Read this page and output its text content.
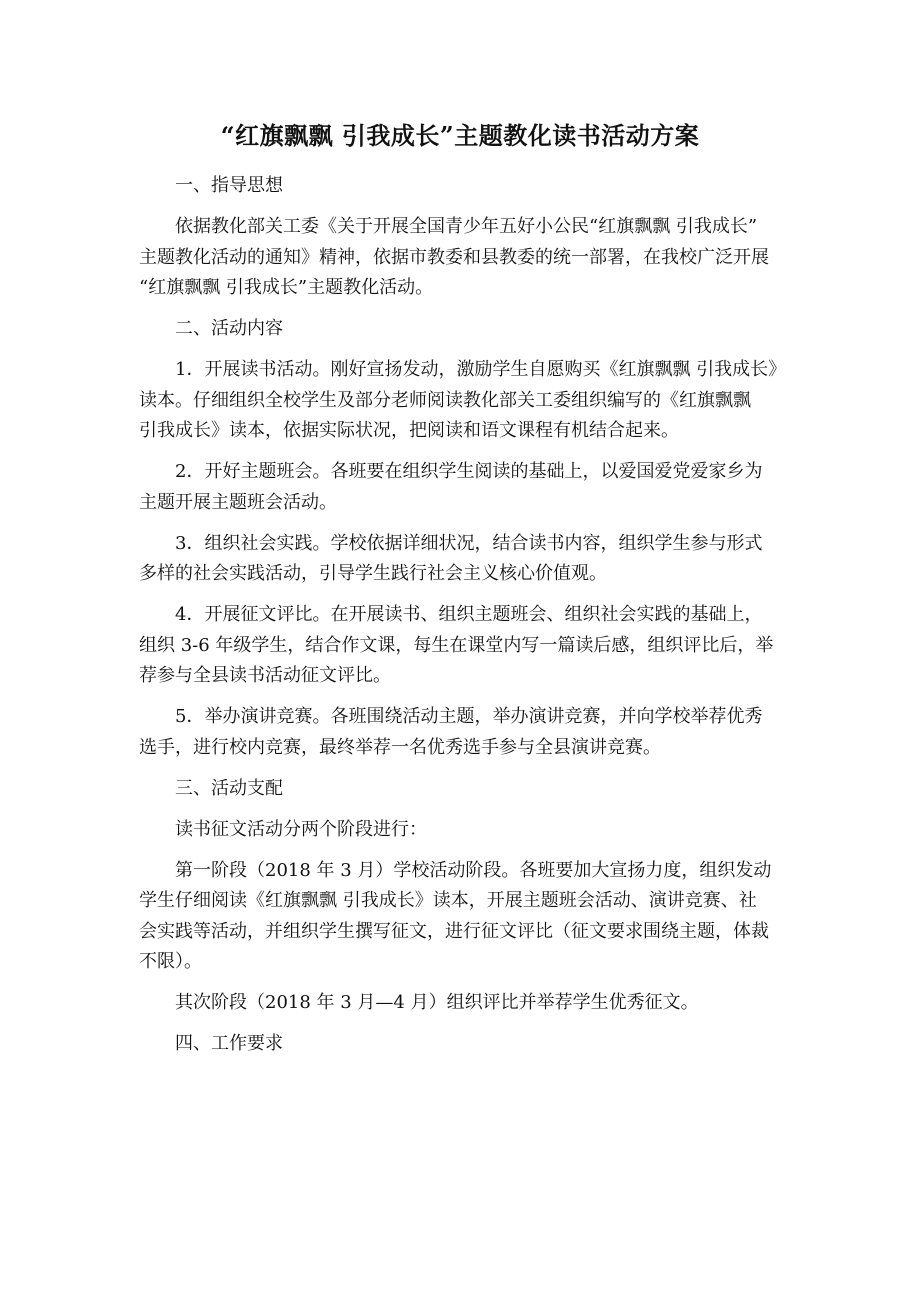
“红旗飘飘 引我成长”主题教化读书活动方案
一、指导思想
依据教化部关工委《关于开展全国青少年五好小公民“红旗飘飘 引我成长”
主题教化活动的通知》精神，依据市教委和县教委的统一部署，在我校广泛开展
“红旗飘飘 引我成长”主题教化活动。
二、活动内容
1．开展读书活动。刚好宣扬发动，激励学生自愿购买《红旗飘飘 引我成长》
读本。仔细组织全校学生及部分老师阅读教化部关工委组织编写的《红旗飘飘
引我成长》读本，依据实际状况，把阅读和语文课程有机结合起来。
2．开好主题班会。各班要在组织学生阅读的基础上，以爱国爱党爱家乡为
主题开展主题班会活动。
3．组织社会实践。学校依据详细状况，结合读书内容，组织学生参与形式
多样的社会实践活动，引导学生践行社会主义核心价值观。
4．开展征文评比。在开展读书、组织主题班会、组织社会实践的基础上，
组织 3-6 年级学生，结合作文课，每生在课堂内写一篇读后感，组织评比后，举
荐参与全县读书活动征文评比。
5．举办演讲竞赛。各班围绕活动主题，举办演讲竞赛，并向学校举荐优秀
选手，进行校内竞赛，最终举荐一名优秀选手参与全县演讲竞赛。
三、活动支配
读书征文活动分两个阶段进行：
第一阶段（2018 年 3 月）学校活动阶段。各班要加大宣扬力度，组织发动
学生仔细阅读《红旗飘飘 引我成长》读本，开展主题班会活动、演讲竞赛、社
会实践等活动，并组织学生撰写征文，进行征文评比（征文要求围绕主题，体裁
不限）。
其次阶段（2018 年 3 月—4 月）组织评比并举荐学生优秀征文。
四、工作要求
